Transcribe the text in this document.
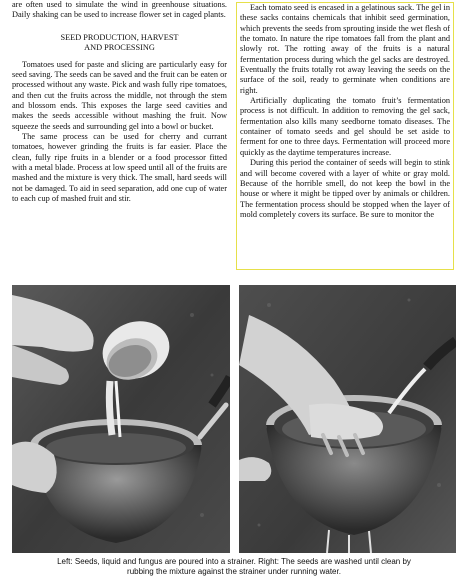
are often used to simulate the wind in greenhouse situations. Daily shaking can be used to increase flower set in caged plants.

SEED PRODUCTION, HARVEST
AND PROCESSING

Tomatoes used for paste and slicing are particularly easy for seed saving. The seeds can be saved and the fruit can be eaten or processed without any waste. Pick and wash fully ripe tomatoes, and then cut the fruits across the middle, not through the stem and blossom ends. This exposes the large seed cavities and makes the seeds accessible without mashing the fruit. Now squeeze the seeds and surrounding gel into a bowl or bucket.

The same process can be used for cherry and currant tomatoes, however grinding the fruits is far easier. Place the clean, fully ripe fruits in a blender or a food processor fitted with a metal blade. Process at low speed until all of the fruits are mashed and the mixture is very thick. The small, hard seeds will not be damaged. To aid in seed separation, add one cup of water to each cup of mashed fruit and stir.

Each tomato seed is encased in a gelatinous sack. The gel in these sacks contains chemicals that inhibit seed germination, which prevents the seeds from sprouting inside the wet flesh of the tomato. In nature the ripe tomatoes fall from the plant and slowly rot. The rotting away of the fruits is a natural fermentation process during which the gel sacks are destroyed. Eventually the fruits totally rot away leaving the seeds on the surface of the soil, ready to germinate when conditions are right.

Artificially duplicating the tomato fruit’s fermentation process is not difficult. In addition to removing the gel sack, fermentation also kills many seedborne tomato diseases. The container of tomato seeds and gel should be set aside to ferment for one to three days. Fermentation will proceed more quickly as the daytime temperatures increase.

During this period the container of seeds will begin to stink and will become covered with a layer of white or gray mold. Because of the horrible smell, do not keep the bowl in the house or where it might be tipped over by animals or children. The fermentation process should be stopped when the layer of mold completely covers its surface. Be sure to monitor the

Left: Seeds, liquid and fungus are poured into a strainer. Right: The seeds are washed until clean by
rubbing the mixture against the strainer under running water.
